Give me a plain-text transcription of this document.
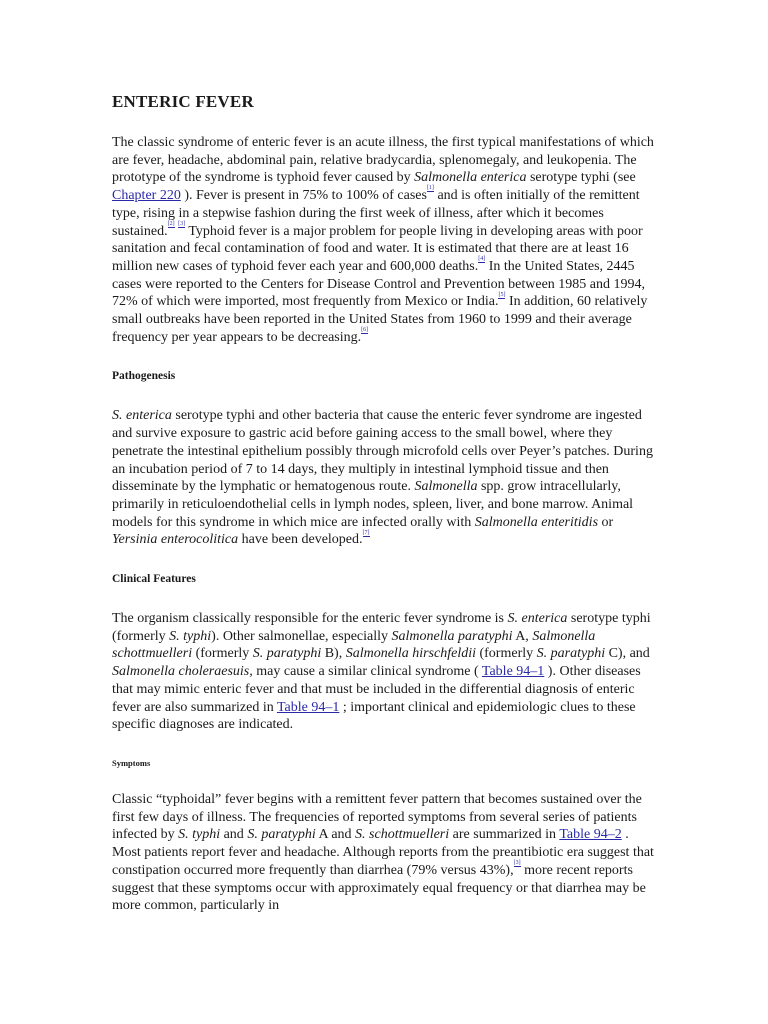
ENTERIC FEVER

The classic syndrome of enteric fever is an acute illness, the first typical manifestations of which are fever, headache, abdominal pain, relative bradycardia, splenomegaly, and leukopenia. The prototype of the syndrome is typhoid fever caused by Salmonella enterica serotype typhi (see Chapter 220 ). Fever is present in 75% to 100% of cases[1] and is often initially of the remittent type, rising in a stepwise fashion during the first week of illness, after which it becomes sustained.[2] [3] Typhoid fever is a major problem for people living in developing areas with poor sanitation and fecal contamination of food and water. It is estimated that there are at least 16 million new cases of typhoid fever each year and 600,000 deaths.[4] In the United States, 2445 cases were reported to the Centers for Disease Control and Prevention between 1985 and 1994, 72% of which were imported, most frequently from Mexico or India.[5] In addition, 60 relatively small outbreaks have been reported in the United States from 1960 to 1999 and their average frequency per year appears to be decreasing.[6]

Pathogenesis

S. enterica serotype typhi and other bacteria that cause the enteric fever syndrome are ingested and survive exposure to gastric acid before gaining access to the small bowel, where they penetrate the intestinal epithelium possibly through microfold cells over Peyer’s patches. During an incubation period of 7 to 14 days, they multiply in intestinal lymphoid tissue and then disseminate by the lymphatic or hematogenous route. Salmonella spp. grow intracellularly, primarily in reticuloendothelial cells in lymph nodes, spleen, liver, and bone marrow. Animal models for this syndrome in which mice are infected orally with Salmonella enteritidis or Yersinia enterocolitica have been developed.[7]

Clinical Features

The organism classically responsible for the enteric fever syndrome is S. enterica serotype typhi (formerly S. typhi). Other salmonellae, especially Salmonella paratyphi A, Salmonella schottmuelleri (formerly S. paratyphi B), Salmonella hirschfeldii (formerly S. paratyphi C), and Salmonella choleraesuis, may cause a similar clinical syndrome ( Table 94–1 ). Other diseases that may mimic enteric fever and that must be included in the differential diagnosis of enteric fever are also summarized in Table 94–1 ; important clinical and epidemiologic clues to these specific diagnoses are indicated.

Symptoms

Classic “typhoidal” fever begins with a remittent fever pattern that becomes sustained over the first few days of illness. The frequencies of reported symptoms from several series of patients infected by S. typhi and S. paratyphi A and S. schottmuelleri are summarized in Table 94–2 . Most patients report fever and headache. Although reports from the preantibiotic era suggest that constipation occurred more frequently than diarrhea (79% versus 43%),[3] more recent reports suggest that these symptoms occur with approximately equal frequency or that diarrhea may be more common, particularly in
